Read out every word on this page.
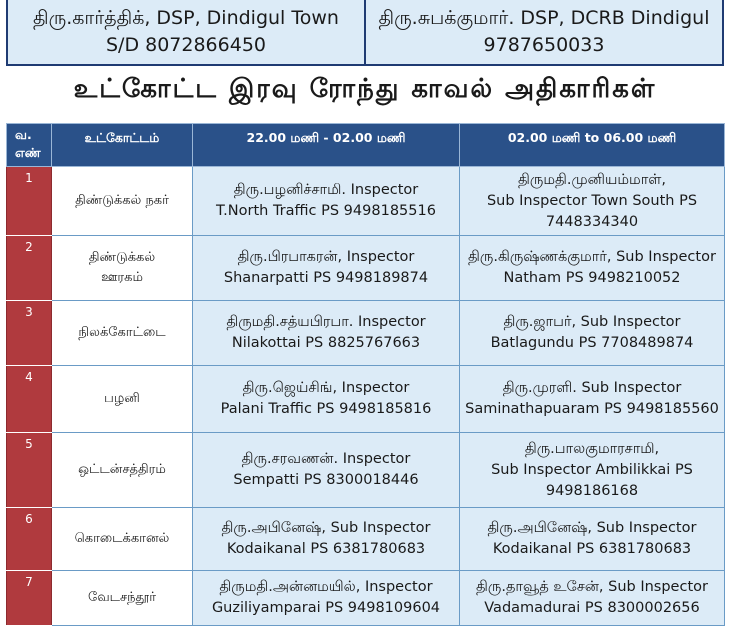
திரு.கார்த்திக், DSP, Dindigul Town
S/D 8072866450
திரு.சுபக்குமார். DSP, DCRB Dindigul
9787650033
உட்கோட்ட இரவு ரோந்து காவல் அதிகாரிகள்
வ.
எண்	உட்கோட்டம்	22.00 மணி - 02.00 மணி	02.00 மணி to 06.00 மணி

1	திண்டுக்கல் நகர்	திரு.பழனிச்சாமி. Inspector
T.North Traffic PS 9498185516	திருமதி.முனியம்மாள்,
Sub Inspector Town South PS
7448334340

2	திண்டுக்கல்
ஊரகம்	திரு.பிரபாகரன், Inspector
Shanarpatti PS 9498189874	திரு.கிருஷ்ணக்குமார், Sub Inspector
Natham PS 9498210052

3	நிலக்கோட்டை	திருமதி.சத்யபிரபா. Inspector
Nilakottai PS 8825767663	திரு.ஜாபர், Sub Inspector
Batlagundu PS 7708489874

4	பழனி	திரு.ஜெய்சிங், Inspector
Palani Traffic PS 9498185816	திரு.முரளி. Sub Inspector
Saminathapuaram PS 9498185560

5	ஒட்டன்சத்திரம்	திரு.சரவணன். Inspector
Sempatti PS 8300018446	திரு.பாலகுமாரசாமி,
Sub Inspector Ambilikkai PS
9498186168

6	கொடைக்கானல்	திரு.அபினேஷ், Sub Inspector
Kodaikanal PS 6381780683	திரு.அபினேஷ், Sub Inspector
Kodaikanal PS 6381780683

7	வேடசந்தூர்	திருமதி.அன்னமயில், Inspector
Guziliyamparai PS 9498109604	திரு.தாவூத் உசேன், Sub Inspector
Vadamadurai PS 8300002656
